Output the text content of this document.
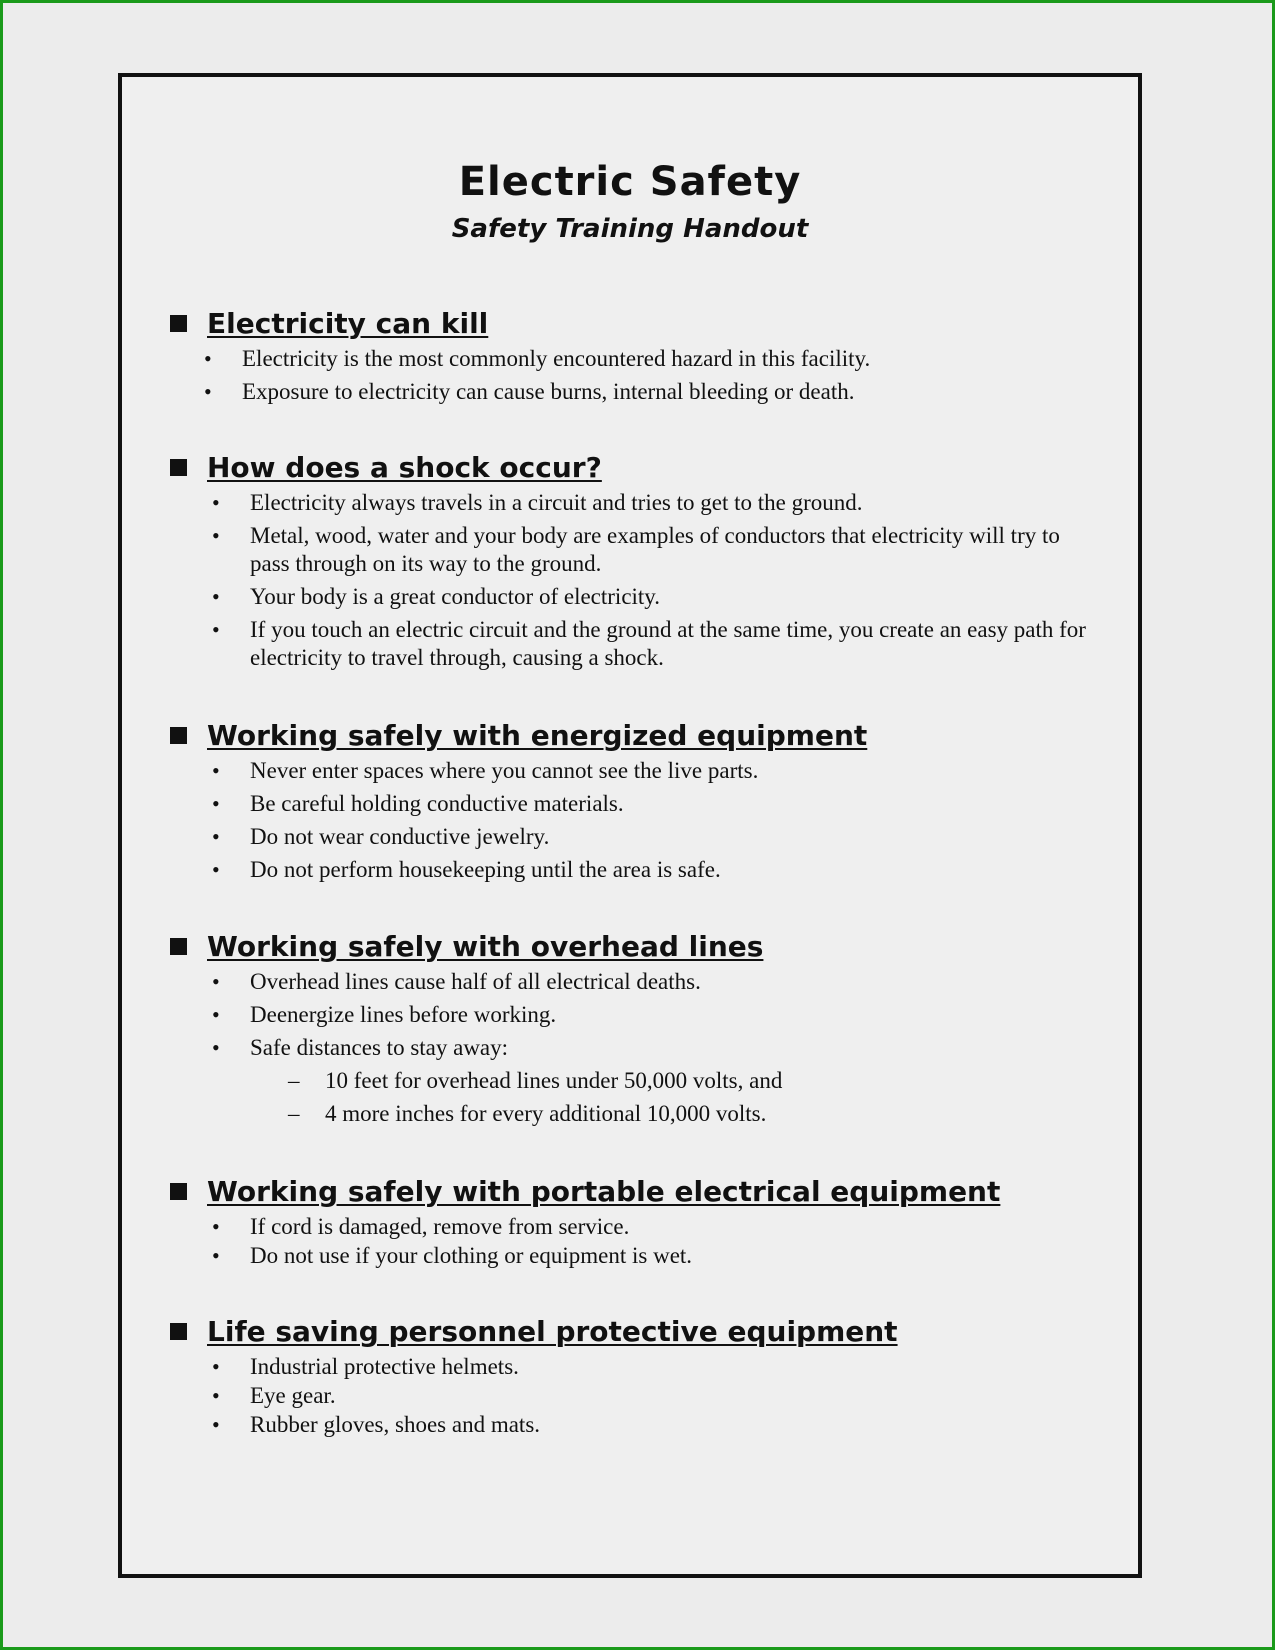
Electric Safety
Safety Training Handout
Electricity can kill
• Electricity is the most commonly encountered hazard in this facility.
• Exposure to electricity can cause burns, internal bleeding or death.
How does a shock occur?
• Electricity always travels in a circuit and tries to get to the ground.
• Metal, wood, water and your body are examples of conductors that electricity will try to pass through on its way to the ground.
• Your body is a great conductor of electricity.
• If you touch an electric circuit and the ground at the same time, you create an easy path for electricity to travel through, causing a shock.
Working safely with energized equipment
• Never enter spaces where you cannot see the live parts.
• Be careful holding conductive materials.
• Do not wear conductive jewelry.
• Do not perform housekeeping until the area is safe.
Working safely with overhead lines
• Overhead lines cause half of all electrical deaths.
• Deenergize lines before working.
• Safe distances to stay away:
– 10 feet for overhead lines under 50,000 volts, and
– 4 more inches for every additional 10,000 volts.
Working safely with portable electrical equipment
• If cord is damaged, remove from service.
• Do not use if your clothing or equipment is wet.
Life saving personnel protective equipment
• Industrial protective helmets.
• Eye gear.
• Rubber gloves, shoes and mats.
